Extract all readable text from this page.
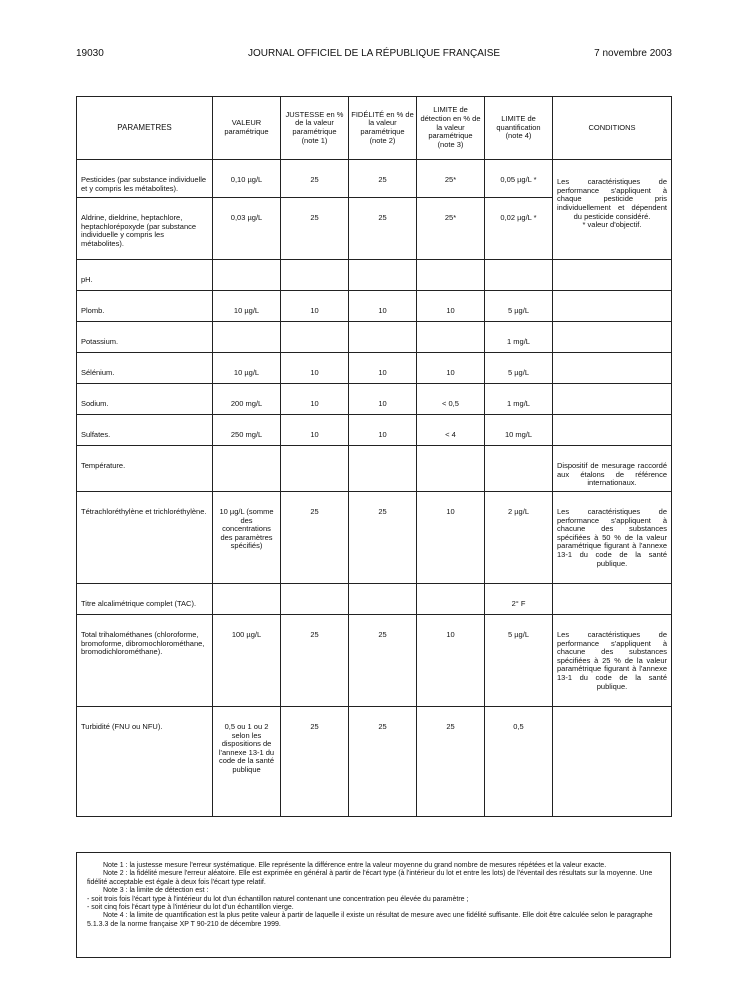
19030	JOURNAL OFFICIEL DE LA RÉPUBLIQUE FRANÇAISE	7 novembre 2003
PARAMETRES	VALEUR paramétrique	JUSTESSE en % de la valeur paramétrique (note 1)	FIDÉLITÉ en % de la valeur paramétrique (note 2)	LIMITE de détection en % de la valeur paramétrique (note 3)	LIMITE de quantification (note 4)	CONDITIONS
Pesticides (par substance individuelle et y compris les métabolites).	0,10 µg/L	25	25	25*	0,05 µg/L *	Les caractéristiques de performance s'appliquent à chaque pesticide pris individuellement et dépendent du pesticide considéré.
* valeur d'objectif.
Aldrine, dieldrine, heptachlore, heptachlorépoxyde (par substance individuelle y compris les métabolites).	0,03 µg/L	25	25	25*	0,02 µg/L *	
pH.						
Plomb.	10 µg/L	10	10	10	5 µg/L	
Potassium.					1 mg/L	
Sélénium.	10 µg/L	10	10	10	5 µg/L	
Sodium.	200 mg/L	10	10	< 0,5	1 mg/L	
Sulfates.	250 mg/L	10	10	< 4	10 mg/L	
Température.						Dispositif de mesurage raccordé aux étalons de référence internationaux.
Tétrachloréthylène et trichloréthylène.	10 µg/L (somme des concentrations des paramètres spécifiés)	25	25	10	2 µg/L	Les caractéristiques de performance s'appliquent à chacune des substances spécifiées à 50 % de la valeur paramétrique figurant à l'annexe 13-1 du code de la santé publique.
Titre alcalimétrique complet (TAC).					2° F	
Total trihalométhanes (chloroforme, bromoforme, dibromochlorométhane, bromodichlorométhane).	100 µg/L	25	25	10	5 µg/L	Les caractéristiques de performance s'appliquent à chacune des substances spécifiées à 25 % de la valeur paramétrique figurant à l'annexe 13-1 du code de la santé publique.
Turbidité (FNU ou NFU).	0,5 ou 1 ou 2 selon les dispositions de l'annexe 13-1 du code de la santé publique	25	25	25	0,5	

Note 1 : la justesse mesure l'erreur systématique. Elle représente la différence entre la valeur moyenne du grand nombre de mesures répétées et la valeur exacte.

Note 2 : la fidélité mesure l'erreur aléatoire. Elle est exprimée en général à partir de l'écart type (à l'intérieur du lot et entre les lots) de l'éventail des résultats sur la moyenne. Une fidélité acceptable est égale à deux fois l'écart type relatif.

Note 3 : la limite de détection est :

- soit trois fois l'écart type à l'intérieur du lot d'un échantillon naturel contenant une concentration peu élevée du paramètre ;

- soit cinq fois l'écart type à l'intérieur du lot d'un échantillon vierge.

Note 4 : la limite de quantification est la plus petite valeur à partir de laquelle il existe un résultat de mesure avec une fidélité suffisante. Elle doit être calculée selon le paragraphe 5.1.3.3 de la norme française XP T 90-210 de décembre 1999.
